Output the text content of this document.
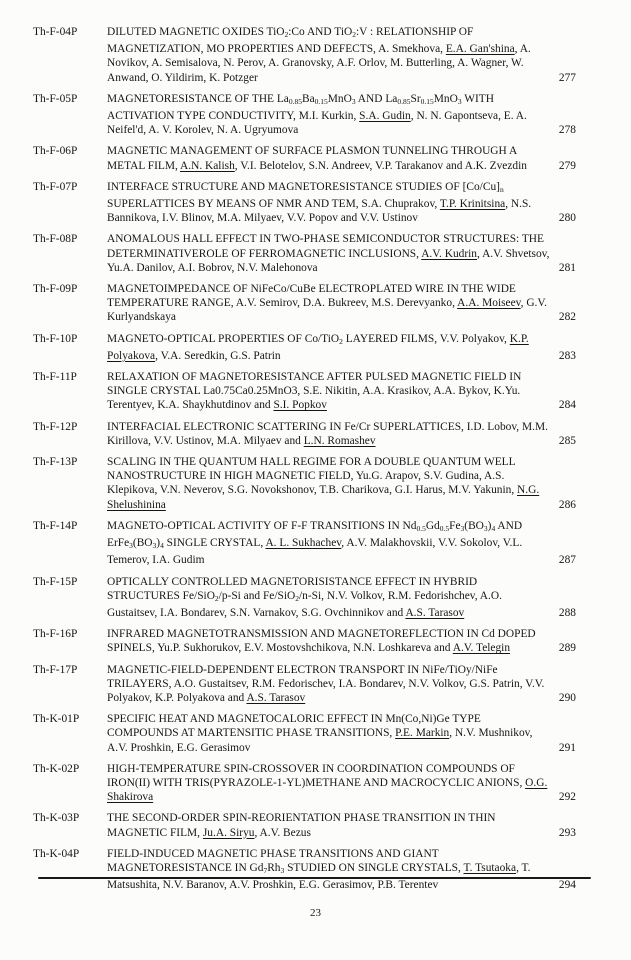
Th-F-04P	DILUTED MAGNETIC OXIDES TiO$_2$:Co AND TiO$_2$:V : RELATIONSHIP OF MAGNETIZATION, MO PROPERTIES AND DEFECTS, A. Smekhova, E.A. Gan'shina, A. Novikov, A. Semisalova, N. Perov, A. Granovsky, A.F. Orlov, M. Butterling, A. Wagner, W. Anwand, O. Yildirim, K. Potzger	277
Th-F-05P	MAGNETORESISTANCE OF THE $La_{0.85}Ba_{0.15}MnO_3$ AND $La_{0.85}Sr_{0.15}MnO_3$ WITH ACTIVATION TYPE CONDUCTIVITY, M.I. Kurkin, S.A. Gudin, N. N. Gapontseva, E. A. Neifel'd, A. V. Korolev, N. A. Ugryumova	278
Th-F-06P	MAGNETIC MANAGEMENT OF SURFACE PLASMON TUNNELING THROUGH A METAL FILM, A.N. Kalish, V.I. Belotelov, S.N. Andreev, V.P. Tarakanov and A.K. Zvezdin	279
Th-F-07P	INTERFACE STRUCTURE AND MAGNETORESISTANCE STUDIES OF $[Co/Cu]_n$ SUPERLATTICES BY MEANS OF NMR AND TEM, S.A. Chuprakov, T.P. Krinitsina, N.S. Bannikova, I.V. Blinov, M.A. Milyaev, V.V. Popov and V.V. Ustinov	280
Th-F-08P	ANOMALOUS HALL EFFECT IN TWO-PHASE SEMICONDUCTOR STRUCTURES: THE DETERMINATIVEROLE OF FERROMAGNETIC INCLUSIONS, A.V. Kudrin, A.V. Shvetsov, Yu.A. Danilov, A.I. Bobrov, N.V. Malehonova	281
Th-F-09P	MAGNETOIMPEDANCE OF NiFeCo/CuBe ELECTROPLATED WIRE IN THE WIDE TEMPERATURE RANGE, A.V. Semirov, D.A. Bukreev, M.S. Derevyanko, A.A. Moiseev, G.V. Kurlyandskaya	282
Th-F-10P	MAGNETO-OPTICAL PROPERTIES OF Co/TiO$_2$ LAYERED FILMS, V.V. Polyakov, K.P. Polyakova, V.A. Seredkin, G.S. Patrin	283
Th-F-11P	RELAXATION OF MAGNETORESISTANCE AFTER PULSED MAGNETIC FIELD IN SINGLE CRYSTAL La0.75Ca0.25MnO3, S.E. Nikitin, A.A. Krasikov, A.A. Bykov, K.Yu. Terentyev, K.A. Shaykhutdinov and S.I. Popkov	284
Th-F-12P	INTERFACIAL ELECTRONIC SCATTERING IN Fe/Cr SUPERLATTICES, I.D. Lobov, M.M. Kirillova, V.V. Ustinov, M.A. Milyaev and L.N. Romashev	285
Th-F-13P	SCALING IN THE QUANTUM HALL REGIME FOR A DOUBLE QUANTUM WELL NANOSTRUCTURE IN HIGH MAGNETIC FIELD, Yu.G. Arapov, S.V. Gudina, A.S. Klepikova, V.N. Neverov, S.G. Novokshonov, T.B. Charikova, G.I. Harus, M.V. Yakunin, N.G. Shelushinina	286
Th-F-14P	MAGNETO-OPTICAL ACTIVITY OF F-F TRANSITIONS IN $Nd_{0.5}Gd_{0.5}Fe_3(BO_3)_4$ AND $ErFe_3(BO_3)_4$ SINGLE CRYSTAL, A. L. Sukhachev, A.V. Malakhovskii, V.V. Sokolov, V.L. Temerov, I.A. Gudim	287
Th-F-15P	OPTICALLY CONTROLLED MAGNETORISISTANCE EFFECT IN HYBRID STRUCTURES Fe/SiO$_2$/p-Si and Fe/SiO$_2$/n-Si, N.V. Volkov, R.M. Fedorishchev, A.O. Gustaitsev, I.A. Bondarev, S.N. Varnakov, S.G. Ovchinnikov and A.S. Tarasov	288
Th-F-16P	INFRARED MAGNETOTRANSMISSION AND MAGNETOREFLECTION IN Cd DOPED SPINELS, Yu.P. Sukhorukov, E.V. Mostovshchikova, N.N. Loshkareva and A.V. Telegin	289
Th-F-17P	MAGNETIC-FIELD-DEPENDENT ELECTRON TRANSPORT IN NiFe/TiOy/NiFe TRILAYERS, A.O. Gustaitsev, R.M. Fedorischev, I.A. Bondarev, N.V. Volkov, G.S. Patrin, V.V. Polyakov, K.P. Polyakova and A.S. Tarasov	290
Th-K-01P	SPECIFIC HEAT AND MAGNETOCALORIC EFFECT IN Mn(Co,Ni)Ge TYPE COMPOUNDS AT MARTENSITIC PHASE TRANSITIONS, P.E. Markin, N.V. Mushnikov, A.V. Proshkin, E.G. Gerasimov	291
Th-K-02P	HIGH-TEMPERATURE SPIN-CROSSOVER IN COORDINATION COMPOUNDS OF IRON(II) WITH TRIS(PYRAZOLE-1-YL)METHANE AND MACROCYCLIC ANIONS, O.G. Shakirova	292
Th-K-03P	THE SECOND-ORDER SPIN-REORIENTATION PHASE TRANSITION IN THIN MAGNETIC FILM, Ju.A. Siryu, A.V. Bezus	293
Th-K-04P	FIELD-INDUCED MAGNETIC PHASE TRANSITIONS AND GIANT MAGNETORESISTANCE IN $Gd_7Rh_3$ STUDIED ON SINGLE CRYSTALS, T. Tsutaoka, T. Matsushita, N.V. Baranov, A.V. Proshkin, E.G. Gerasimov, P.B. Terentev	294
23
